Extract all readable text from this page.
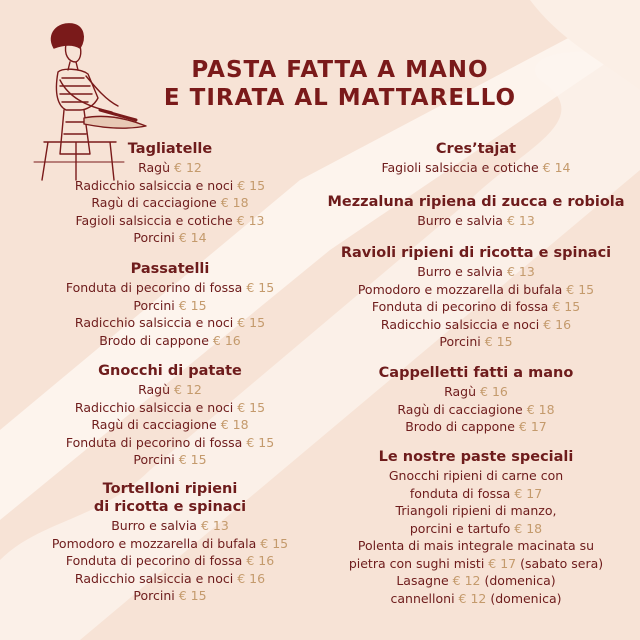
PASTA FATTA A MANO
E TIRATA AL MATTARELLO
Tagliatelle
Ragù € 12
Radicchio salsiccia e noci € 15
Ragù di cacciagione € 18
Fagioli salsiccia e cotiche € 13
Porcini € 14
Passatelli
Fonduta di pecorino di fossa € 15
Porcini € 15
Radicchio salsiccia e noci € 15
Brodo di cappone € 16
Gnocchi di patate
Ragù € 12
Radicchio salsiccia e noci € 15
Ragù di cacciagione € 18
Fonduta di pecorino di fossa € 15
Porcini € 15
Tortelloni ripieni
di ricotta e spinaci
Burro e salvia € 13
Pomodoro e mozzarella di bufala € 15
Fonduta di pecorino di fossa € 16
Radicchio salsiccia e noci € 16
Porcini € 15
Cres’tajat
Fagioli salsiccia e cotiche € 14
Mezzaluna ripiena di zucca e robiola
Burro e salvia € 13
Ravioli ripieni di ricotta e spinaci
Burro e salvia € 13
Pomodoro e mozzarella di bufala € 15
Fonduta di pecorino di fossa € 15
Radicchio salsiccia e noci € 16
Porcini € 15
Cappelletti fatti a mano
Ragù € 16
Ragù di cacciagione € 18
Brodo di cappone € 17
Le nostre paste speciali
Gnocchi ripieni di carne con
fonduta di fossa € 17
Triangoli ripieni di manzo,
porcini e tartufo € 18
Polenta di mais integrale macinata su
pietra con sughi misti € 17 (sabato sera)
Lasagne € 12 (domenica)
cannelloni € 12 (domenica)
